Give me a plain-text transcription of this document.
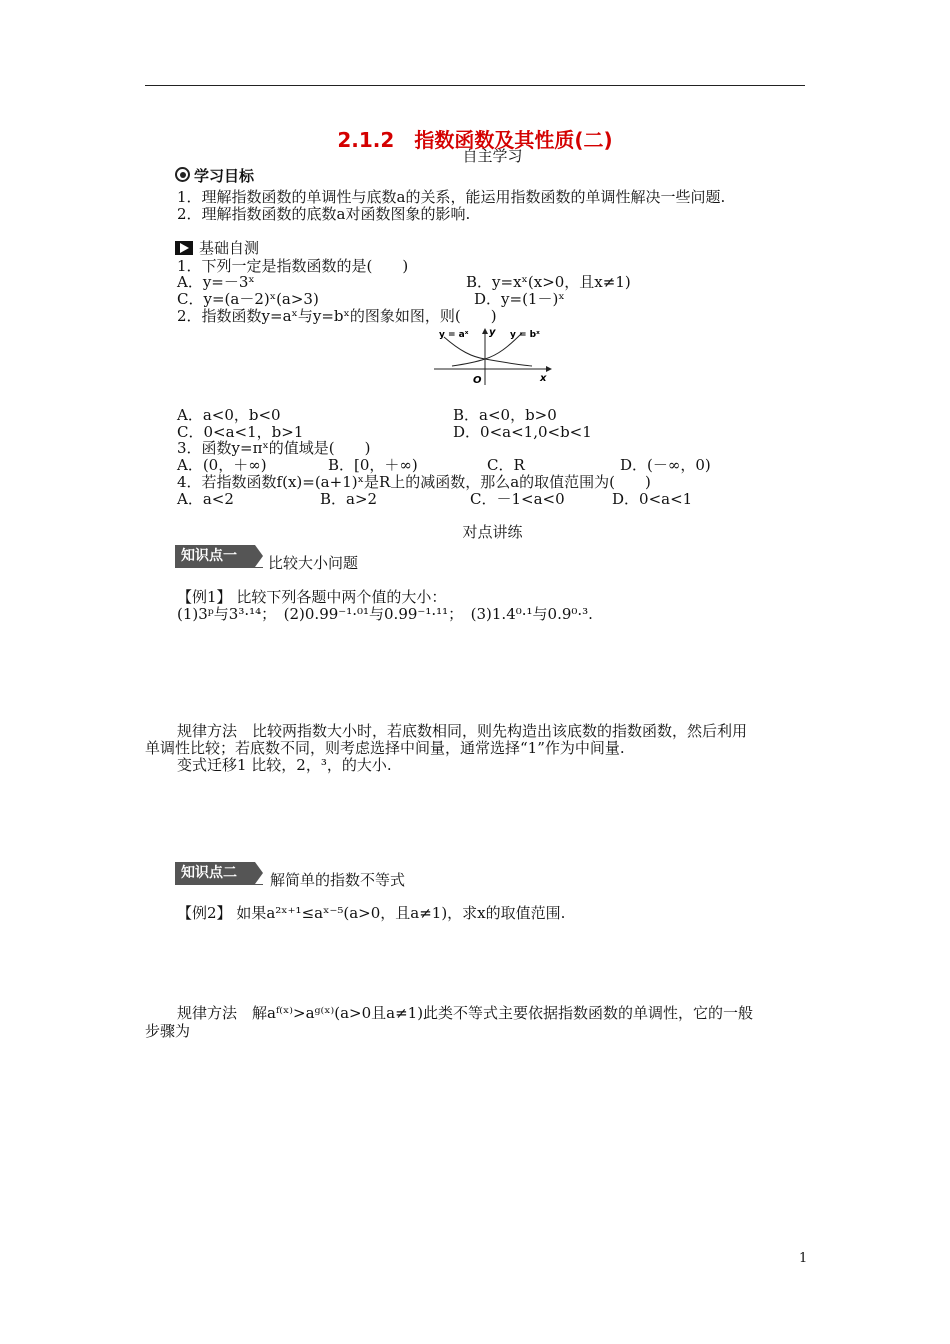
2.1.2　指数函数及其性质(二)
自主学习
学习目标
1．理解指数函数的单调性与底数a的关系，能运用指数函数的单调性解决一些问题.
2．理解指数函数的底数a对函数图象的影响.
基础自测
1．下列一定是指数函数的是(　　)
A．y=－3ˣ	B．y=xˣ(x>0，且x≠1)
C．y=(a－2)ˣ(a>3)	D．y=(1－)ˣ
2．指数函数y=aˣ与y=bˣ的图象如图，则(　　)
y = aˣ	y = bˣ
y
x
O
A．a<0，b<0	B．a<0，b>0
C．0<a<1，b>1	D．0<a<1,0<b<1
3．函数y=πˣ的值域是(　　)
A．(0，＋∞)	B．[0，＋∞)	C．R	D．(－∞，0)
4．若指数函数f(x)=(a+1)ˣ是R上的减函数，那么a的取值范围为(　　)
A．a<2	B．a>2	C．－1<a<0	D．0<a<1
对点讲练
知识点一	比较大小问题
【例1】 比较下列各题中两个值的大小：
(1)3ᵖ与3³·¹⁴；　(2)0.99⁻¹·⁰¹与0.99⁻¹·¹¹；　(3)1.4⁰·¹与0.9⁰·³.
规律方法　比较两指数大小时，若底数相同，则先构造出该底数的指数函数，然后利用
单调性比较；若底数不同，则考虑选择中间量，通常选择“1”作为中间量.
变式迁移1 比较，2，³，的大小.
知识点二	解简单的指数不等式
【例2】 如果a²ˣ⁺¹≤aˣ⁻⁵(a>0，且a≠1)，求x的取值范围.
规律方法　解aᶠ⁽ˣ⁾>aᵍ⁽ˣ⁾(a>0且a≠1)此类不等式主要依据指数函数的单调性，它的一般
步骤为
1
